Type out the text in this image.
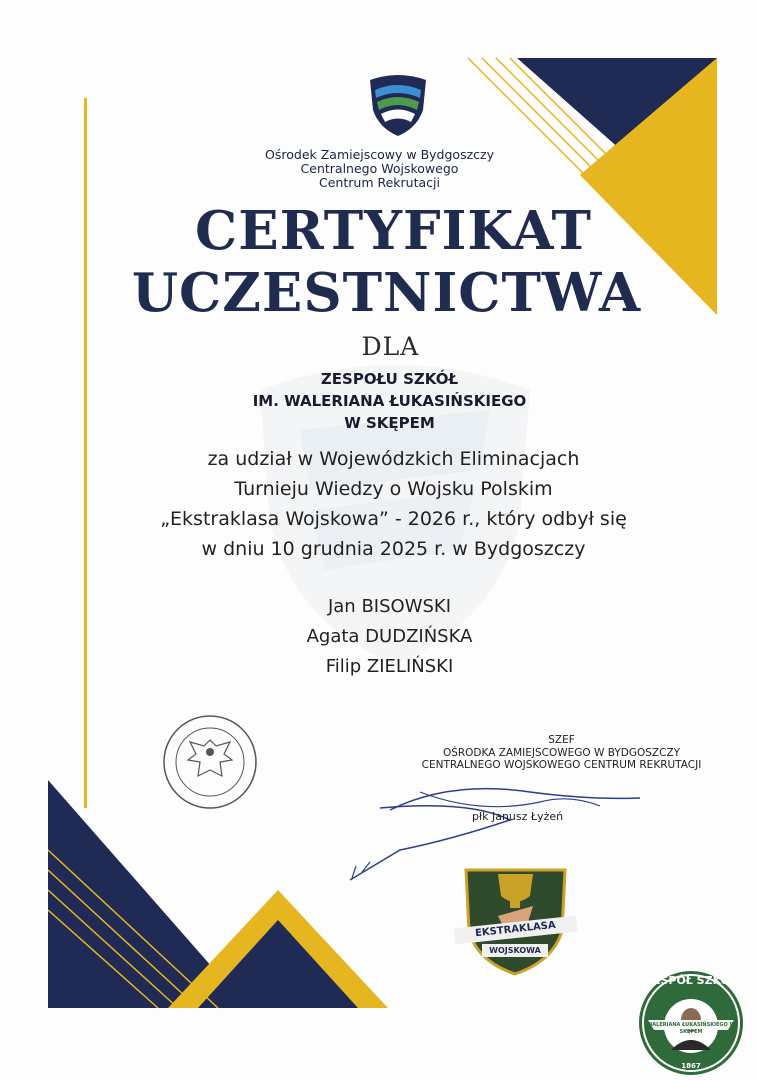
Ośrodek Zamiejscowy w Bydgoszczy
Centralnego Wojskowego
Centrum Rekrutacji
CERTYFIKAT
UCZESTNICTWA
DLA
ZESPOŁU SZKÓŁ
IM. WALERIANA ŁUKASIŃSKIEGO
W SKĘPEM
za udział w Wojewódzkich Eliminacjach
Turnieju Wiedzy o Wojsku Polskim
„Ekstraklasa Wojskowa” - 2026 r., który odbył się
w dniu 10 grudnia 2025 r. w Bydgoszczy
Jan BISOWSKI
Agata DUDZIŃSKA
Filip ZIELIŃSKI
SZEF
OŚRODKA ZAMIEJSCOWEGO W BYDGOSZCZY
CENTRALNEGO WOJSKOWEGO CENTRUM REKRUTACJI
płk Janusz Łyżeń
EKSTRAKLASA
WOJSKOWA
ZESPÓŁ SZKÓŁ
WALERIANA ŁUKASIŃSKIEGO W SKĘPEM
1867
